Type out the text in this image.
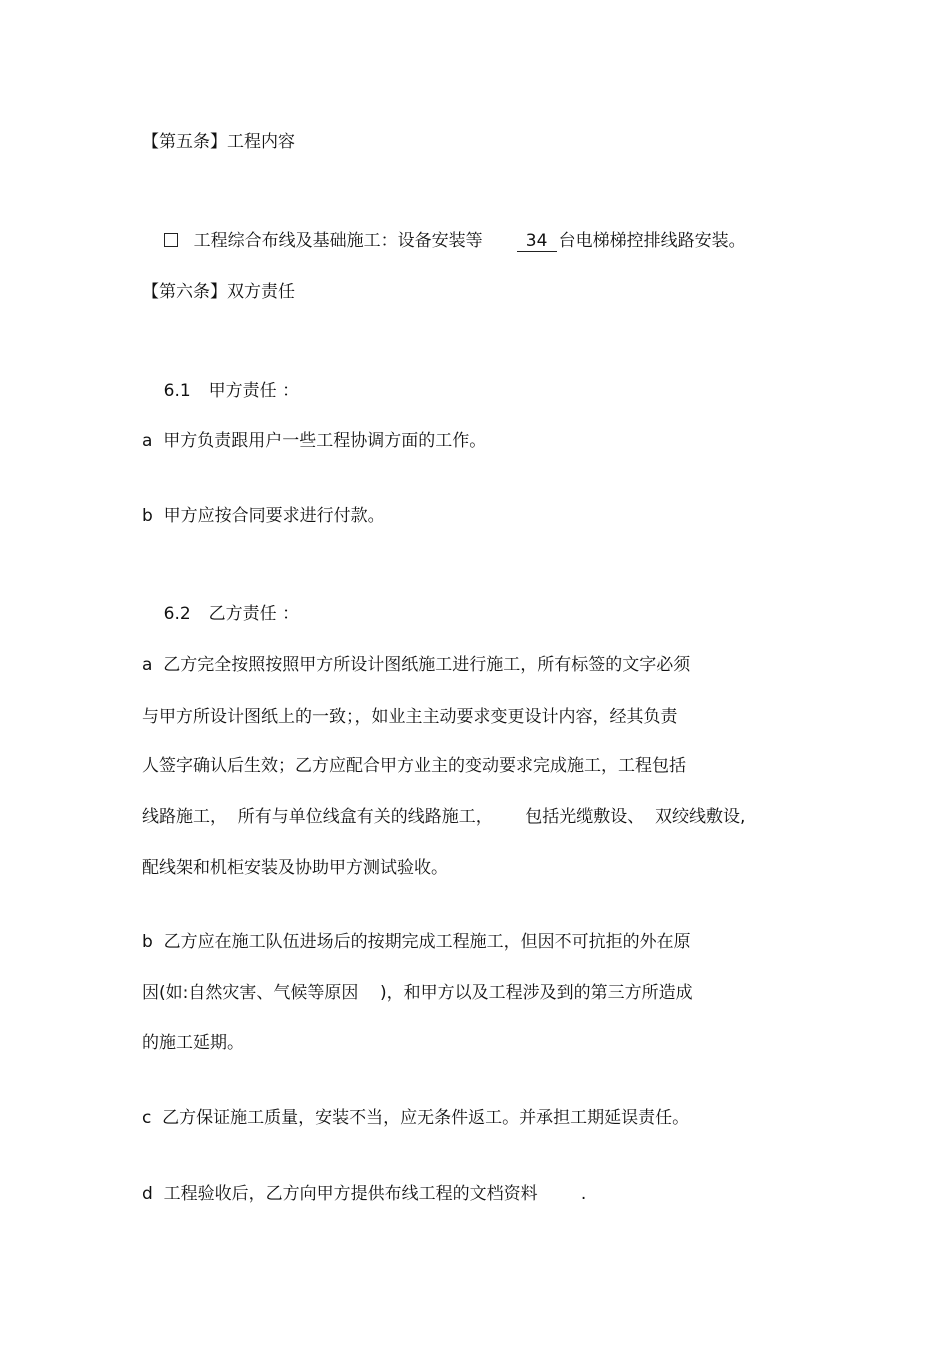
【第五条】工程内容

工程综合布线及基础施工：设备安装等	34 台电梯梯控排线路安装。

【第六条】双方责任

6.1 甲方责任 ：

a  甲方负责跟用户一些工程协调方面的工作。
b  甲方应按合同要求进行付款。

6.2 乙方责任 ：

a  乙方完全按照按照甲方所设计图纸施工进行施工，所有标签的文字必须
与甲方所设计图纸上的一致；，如业主主动要求变更设计内容，经其负责
人签字确认后生效；乙方应配合甲方业主的变动要求完成施工，工程包括
线路施工，  所有与单位线盒有关的线路施工，      包括光缆敷设、  双绞线敷设,
配线架和机柜安装及协助甲方测试验收。
b  乙方应在施工队伍进场后的按期完成工程施工，但因不可抗拒的外在原
因(如:自然灾害、气候等原因    )，和甲方以及工程涉及到的第三方所造成
的施工延期。
c  乙方保证施工质量，安装不当，应无条件返工。并承担工期延误责任。
d  工程验收后，乙方向甲方提供布线工程的文档资料        .
